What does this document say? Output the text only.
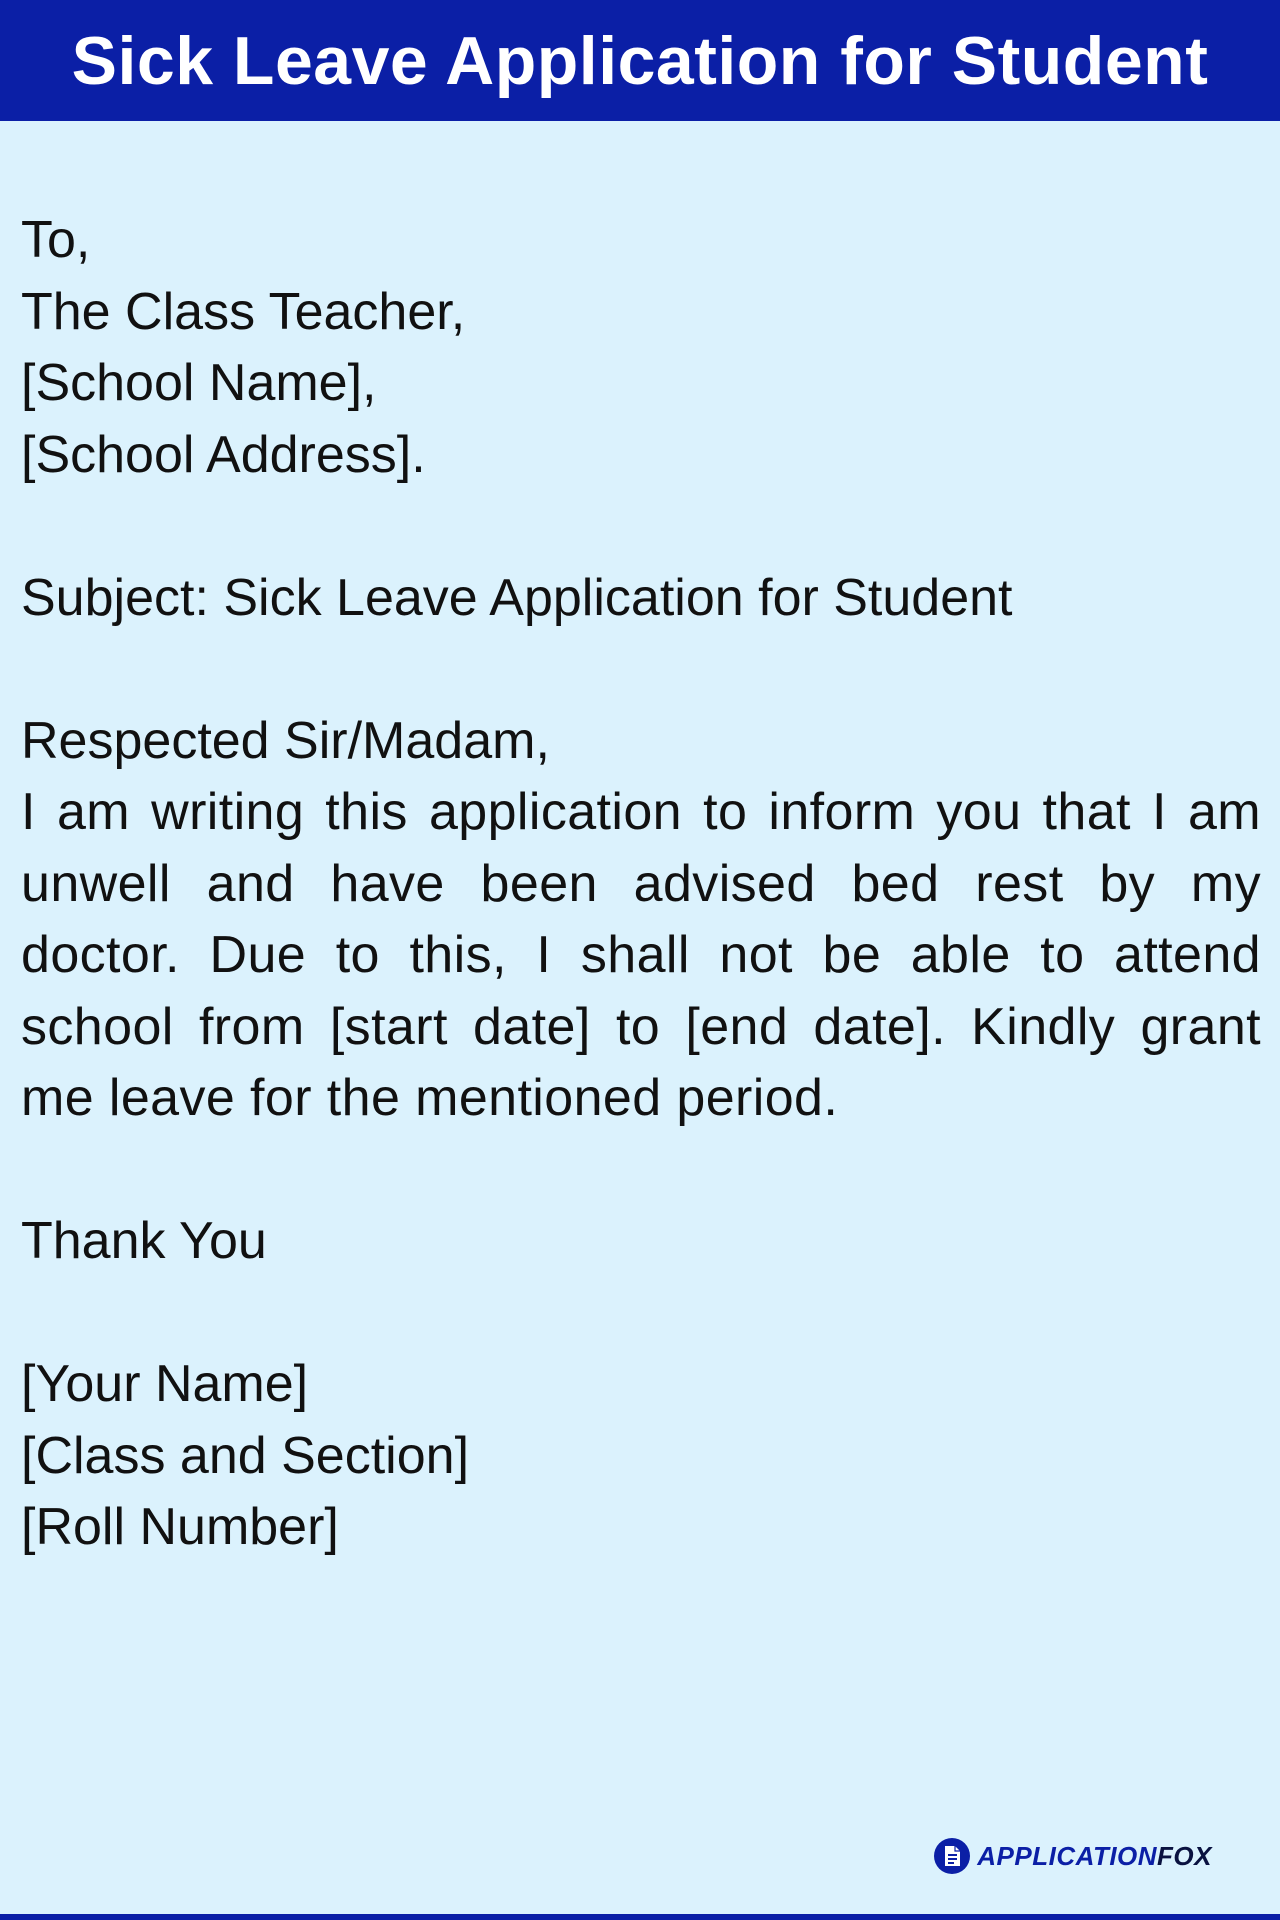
Sick Leave Application for Student
To,
The Class Teacher,
[School Name],
[School Address].
Subject: Sick Leave Application for Student
Respected Sir/Madam,
I am writing this application to inform you that I am unwell and have been advised bed rest by my doctor. Due to this, I shall not be able to attend school from [start date] to [end date]. Kindly grant me leave for the mentioned period.
Thank You
[Your Name]
[Class and Section]
[Roll Number]
APPLICATIONFOX
